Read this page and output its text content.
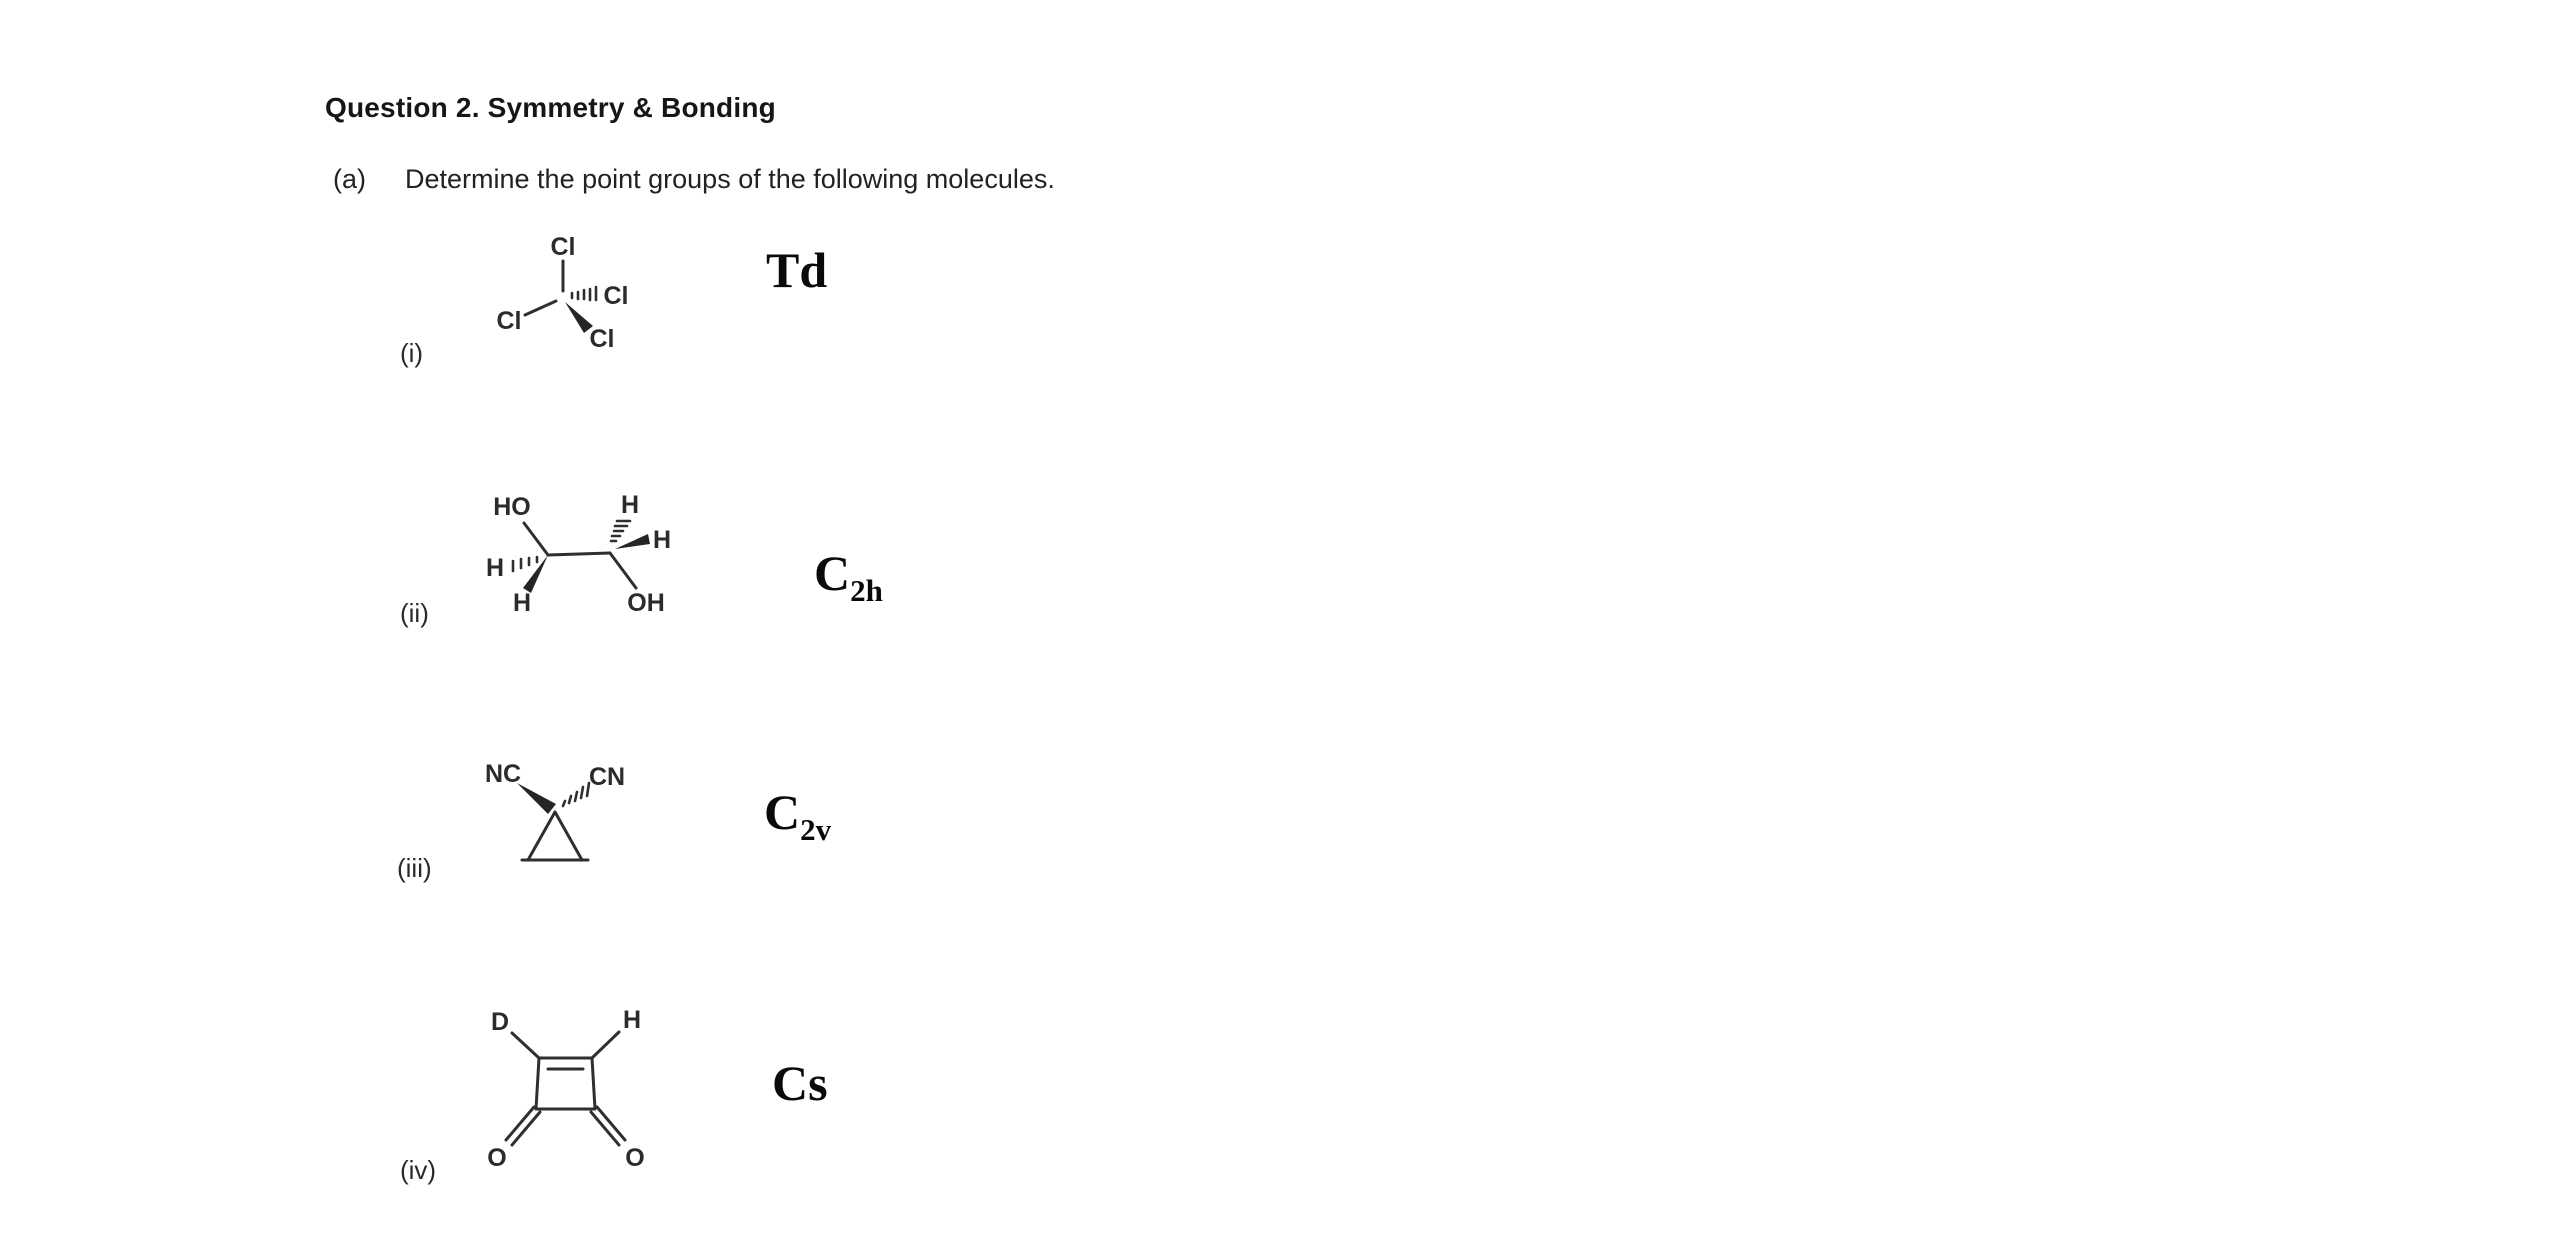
Question 2. Symmetry & Bonding
(a) Determine the point groups of the following molecules.
(i)
Cl
Cl
Cl
Cl
Td
(ii)
HO
H
H
H
H
OH
$C_{2h}$
(iii)
NC	CN
$C_{2v}$
(iv)
D	H
O	O
Cs
